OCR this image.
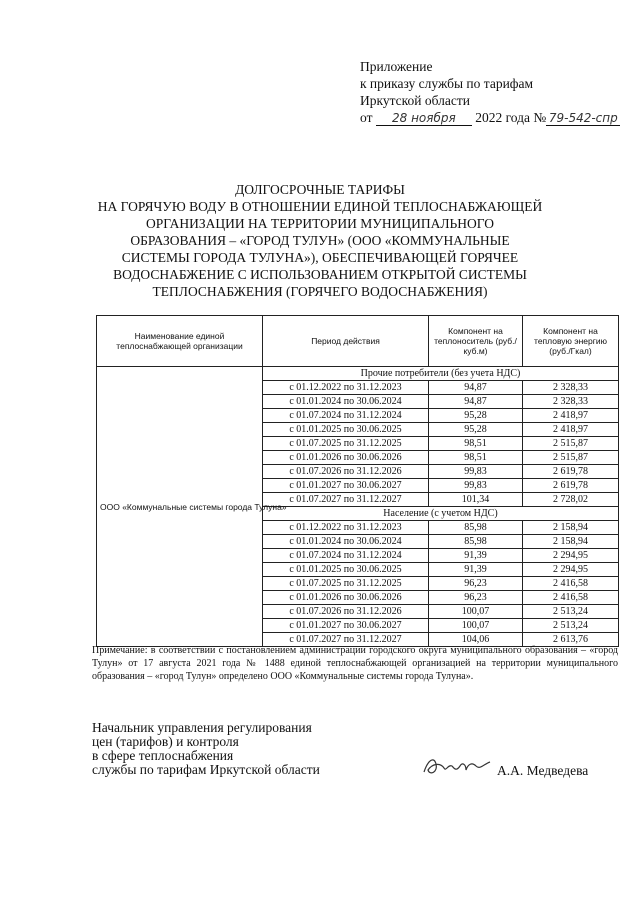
Приложение
к приказу службы по тарифам
Иркутской области
от 28 ноября 2022 года № 79-542-спр
ДОЛГОСРОЧНЫЕ ТАРИФЫ
НА ГОРЯЧУЮ ВОДУ В ОТНОШЕНИИ ЕДИНОЙ ТЕПЛОСНАБЖАЮЩЕЙ
ОРГАНИЗАЦИИ НА ТЕРРИТОРИИ МУНИЦИПАЛЬНОГО
ОБРАЗОВАНИЯ – «ГОРОД ТУЛУН» (ООО «КОММУНАЛЬНЫЕ
СИСТЕМЫ ГОРОДА ТУЛУНА»), ОБЕСПЕЧИВАЮЩЕЙ ГОРЯЧЕЕ
ВОДОСНАБЖЕНИЕ С ИСПОЛЬЗОВАНИЕМ ОТКРЫТОЙ СИСТЕМЫ
ТЕПЛОСНАБЖЕНИЯ (ГОРЯЧЕГО ВОДОСНАБЖЕНИЯ)
Наименование единой теплоснабжающей организации	Период действия	Компонент на теплоноситель (руб./куб.м)	Компонент на тепловую энергию (руб./Гкал)
ООО «Коммунальные системы города Тулуна»	Прочие потребители (без учета НДС)		
	с 01.12.2022 по 31.12.2023	94,87	2 328,33
	с 01.01.2024 по 30.06.2024	94,87	2 328,33
	с 01.07.2024 по 31.12.2024	95,28	2 418,97
	с 01.01.2025 по 30.06.2025	95,28	2 418,97
	с 01.07.2025 по 31.12.2025	98,51	2 515,87
	с 01.01.2026 по 30.06.2026	98,51	2 515,87
	с 01.07.2026 по 31.12.2026	99,83	2 619,78
	с 01.01.2027 по 30.06.2027	99,83	2 619,78
	с 01.07.2027 по 31.12.2027	101,34	2 728,02
	Население (с учетом НДС)		
	с 01.12.2022 по 31.12.2023	85,98	2 158,94
	с 01.01.2024 по 30.06.2024	85,98	2 158,94
	с 01.07.2024 по 31.12.2024	91,39	2 294,95
	с 01.01.2025 по 30.06.2025	91,39	2 294,95
	с 01.07.2025 по 31.12.2025	96,23	2 416,58
	с 01.01.2026 по 30.06.2026	96,23	2 416,58
	с 01.07.2026 по 31.12.2026	100,07	2 513,24
	с 01.01.2027 по 30.06.2027	100,07	2 513,24
	с 01.07.2027 по 31.12.2027	104,06	2 613,76
Примечание: в соответствии с постановлением администрации городского округа муниципального образования – «город Тулун» от 17 августа 2021 года № 1488 единой теплоснабжающей организацией на территории муниципального образования – «город Тулун» определено ООО «Коммунальные системы города Тулуна».
Начальник управления регулирования
цен (тарифов) и контроля
в сфере теплоснабжения
службы по тарифам Иркутской области	А.А. Медведева
